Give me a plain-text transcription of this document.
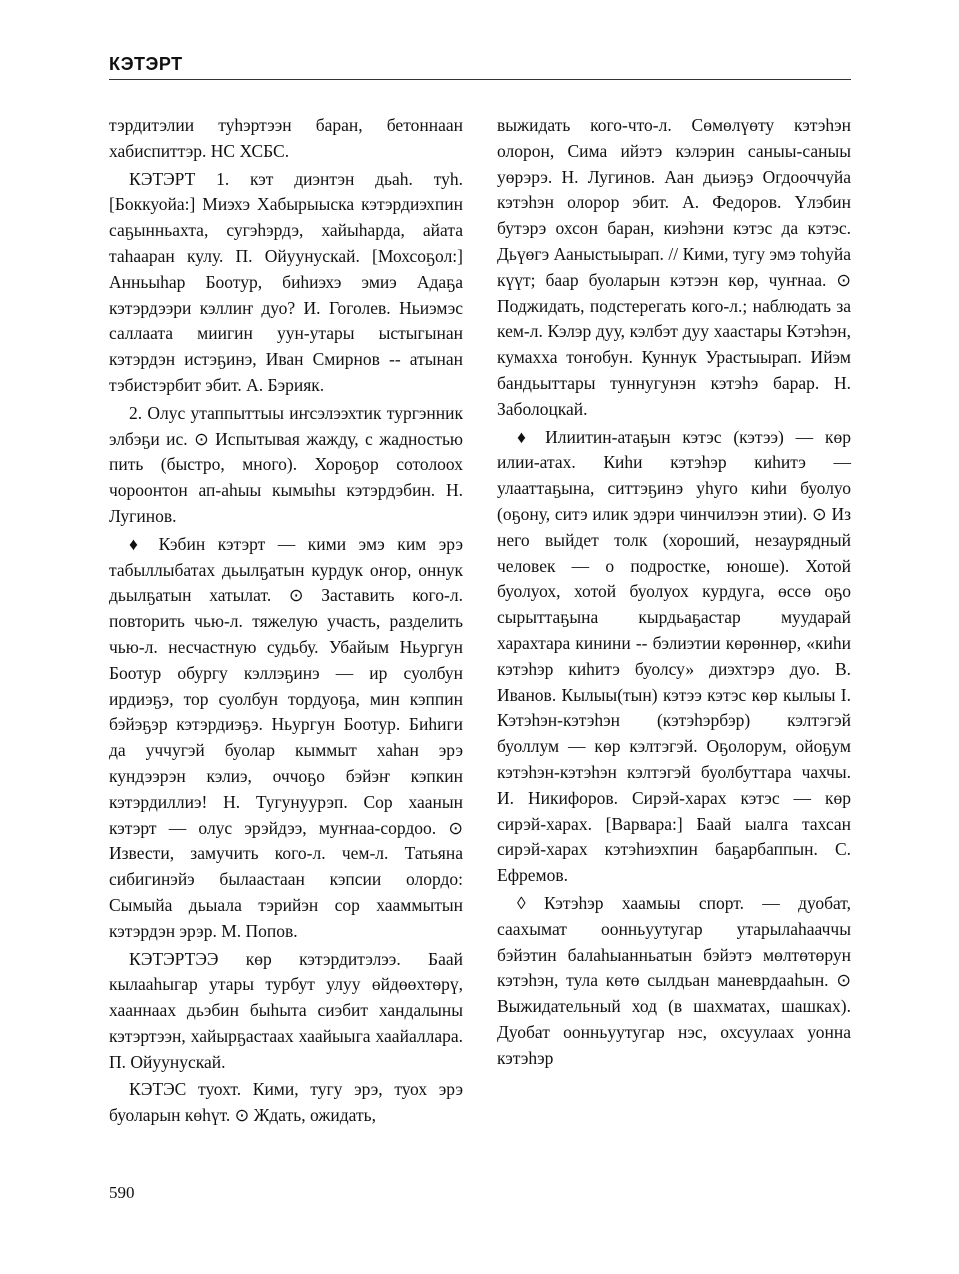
КЭТЭРТ

тэрдитэлии туһэртээн баран, бетоннаан хабиспиттэр. НС ХСБС.

КЭТЭРТ 1. кэт диэнтэн дьаһ. туһ. [Боккуойа:] Миэхэ Хабырыыска кэтэрдиэхпин саҕынньахта, сугэһэрдэ, хайыһарда, айата таһааран кулу. П. Ойуунускай. [Мохсоҕол:] Анньыһар Боотур, биһиэхэ эмиэ Адаҕа кэтэрдээри кэллиҥ дуо? И. Гоголев. Ньиэмэс саллаата миигин уун-утары ыстыгынан кэтэрдэн истэҕинэ, Иван Смирнов -- атынан тэбистэрбит эбит. А. Бэрияк.

2. Олус утаппыттыы иҥсэлээхтик тургэнник элбэҕи ис. ⊙ Испытывая жажду, с жадностью пить (быстро, много). Хороҕор сотолоох чороонтон ап-аһыы кымыһы кэтэрдэбин. Н. Лугинов.

♦ Кэбин кэтэрт — кими эмэ ким эрэ табыллыбатах дьылҕатын курдук оҥор, оннук дьылҕатын хатылат. ⊙ Заставить кого-л. повторить чью-л. тяжелую участь, разделить чью-л. несчастную судьбу. Убайым Ньургун Боотур обургу кэллэҕинэ — ир суолбун ирдиэҕэ, тор суолбун тордуоҕа, мин кэппин бэйэҕэр кэтэрдиэҕэ. Ньургун Боотур. Биһиги да уччугэй буолар кыммыт хаһан эрэ кундээрэн кэлиэ, оччоҕо бэйэҥ кэпкин кэтэрдиллиэ! Н. Тугунуурэп. Сор хаанын кэтэрт — олус эрэйдээ, муҥнаа-сордоо. ⊙ Извести, замучить кого-л. чем-л. Татьяна сибигинэйэ былаастаан кэпсии олордо: Сымыйа дьыала тэрийэн сор хааммытын кэтэрдэн эрэр. М. Попов.

КЭТЭРТЭЭ көр кэтэрдитэлээ. Баай кылааһыгар утары турбут улуу өйдөөхтөрү, хааннаах дьэбин быһыта сиэбит хандалыны кэтэртээн, хайырҕастаах хаайыыга хаайаллара. П. Ойуунускай.

КЭТЭС туохт. Кими, тугу эрэ, туох эрэ буоларын көһүт. ⊙ Ждать, ожидать,

выжидать кого-что-л. Сөмөлүөту кэтэһэн олорон, Сима ийэтэ кэлэрин саныы-саныы уөрэрэ. Н. Лугинов. Аан дьиэҕэ Огдооччуйа кэтэһэн олорор эбит. А. Федоров. Үлэбин бутэрэ охсон баран, киэһэни кэтэс да кэтэс. Дьүөгэ Ааныстыырап. // Кими, тугу эмэ тоһуйа күүт; баар буоларын кэтээн көр, чуҥнаа. ⊙ Поджидать, подстерегать кого-л.; наблюдать за кем-л. Кэлэр дуу, кэлбэт дуу хаастары Кэтэһэн, кумахха тоҥобун. Куннук Урастыырап. Ийэм бандьыттары туннугунэн кэтэһэ барар. Н. Заболоцкай.

♦ Илиитин-атаҕын кэтэс (кэтээ) — көр илии-атах. Киһи кэтэһэр киһитэ — улааттаҕына, ситтэҕинэ уһуго киһи буолуо (оҕону, ситэ илик эдэри чинчилээн этии). ⊙ Из него выйдет толк (хороший, незаурядный человек — о подростке, юноше). Хотой буолуох, хотой буолуох курдуга, өссө оҕо сырыттаҕына кырдьаҕастар муударай харахтара кинини -- бэлиэтии көрөннөр, «киһи кэтэһэр киһитэ буолсу» диэхтэрэ дуо. В. Иванов. Кылыы(тын) кэтээ кэтэс көр кылыы I. Кэтэһэн-кэтэһэн (кэтэһэрбэр) кэлтэгэй буоллум — көр кэлтэгэй. Оҕолорум, ойоҕум кэтэһэн-кэтэһэн кэлтэгэй буолбуттара чахчы. И. Никифоров. Сирэй-харах кэтэс — көр сирэй-харах. [Варвара:] Баай ыалга тахсан сирэй-харах кэтэһиэхпин баҕарбаппын. С. Ефремов.

◊ Кэтэһэр хаамыы спорт. — дуобат, саахымат оонньуутугар утарылаһааччы бэйэтин балаһыанньатын бэйэтэ мөлтөтөрун кэтэһэн, тула көтө сылдьан маневрдааһын. ⊙ Выжидательный ход (в шахматах, шашках). Дуобат оонньуутугар нэс, охсуулаах уонна кэтэһэр

590
